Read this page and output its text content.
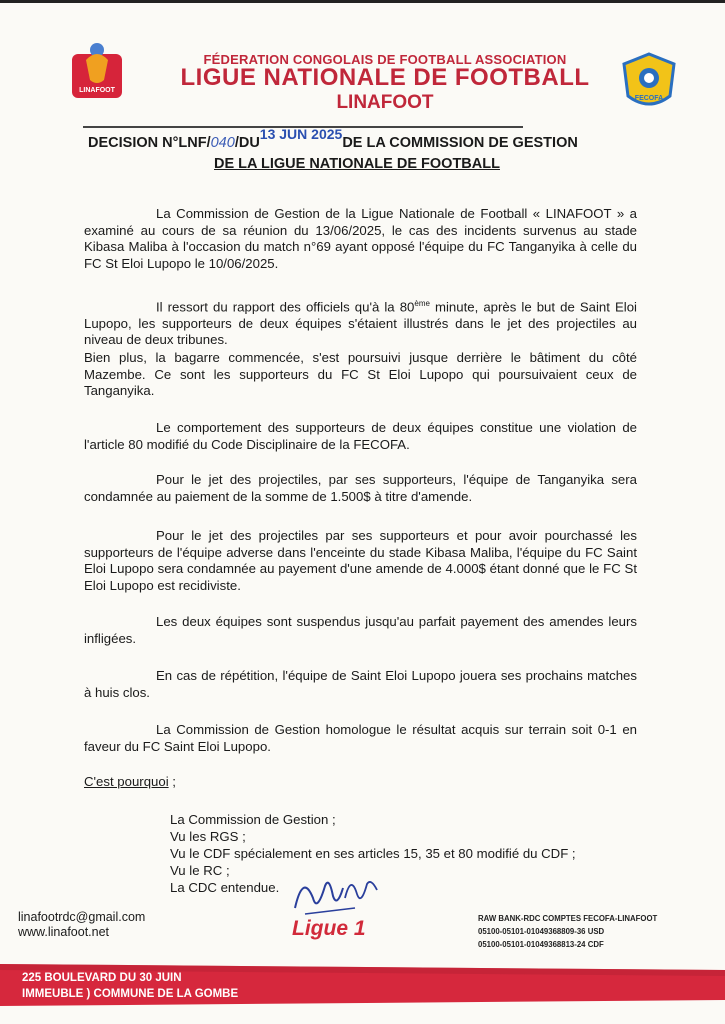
LINAFOOT
FÉDERATION CONGOLAIS DE FOOTBALL ASSOCIATION
LIGUE NATIONALE DE FOOTBALL
LINAFOOT	FECOFA
DECISION N°LNF/040/DU13 JUN 2025DE LA COMMISSION DE GESTION
DE LA LIGUE NATIONALE DE FOOTBALL
La Commission de Gestion de la Ligue Nationale de Football « LINAFOOT » a examiné au cours de sa réunion du 13/06/2025, le cas des incidents survenus au stade Kibasa Maliba à l'occasion du match n°69 ayant opposé l'équipe du FC Tanganyika à celle du FC St Eloi Lupopo le 10/06/2025.
Il ressort du rapport des officiels qu'à la 80ème minute, après le but de Saint Eloi Lupopo, les supporteurs de deux équipes s'étaient illustrés dans le jet des projectiles au niveau de deux tribunes.
Bien plus, la bagarre commencée, s'est poursuivi jusque derrière le bâtiment du côté Mazembe. Ce sont les supporteurs du FC St Eloi Lupopo qui poursuivaient ceux de Tanganyika.
Le comportement des supporteurs de deux équipes constitue une violation de l'article 80 modifié du Code Disciplinaire de la FECOFA.
Pour le jet des projectiles, par ses supporteurs, l'équipe de Tanganyika sera condamnée au paiement de la somme de 1.500$ à titre d'amende.
Pour le jet des projectiles par ses supporteurs et pour avoir pourchassé les supporteurs de l'équipe adverse dans l'enceinte du stade Kibasa Maliba, l'équipe du FC Saint Eloi Lupopo sera condamnée au payement d'une amende de 4.000$ étant donné que le FC St Eloi Lupopo est recidiviste.
Les deux équipes sont suspendus jusqu'au parfait payement des amendes leurs infligées.
En cas de répétition, l'équipe de Saint Eloi Lupopo jouera ses prochains matches à huis clos.
La Commission de Gestion homologue le résultat acquis sur terrain soit 0-1 en faveur du FC Saint Eloi Lupopo.
C'est pourquoi ;
La Commission de Gestion ;
Vu les RGS ;
Vu le CDF spécialement en ses articles 15, 35 et 80 modifié du CDF ;
Vu le RC ;
La CDC entendue.
linafootrdc@gmail.com
www.linafoot.net	Ligue 1	RAW BANK-RDC COMPTES FECOFA-LINAFOOT
05100-05101-01049368809-36 USD
05100-05101-01049368813-24 CDF
225 BOULEVARD DU 30 JUIN
IMMEUBLE ) COMMUNE DE LA GOMBE
